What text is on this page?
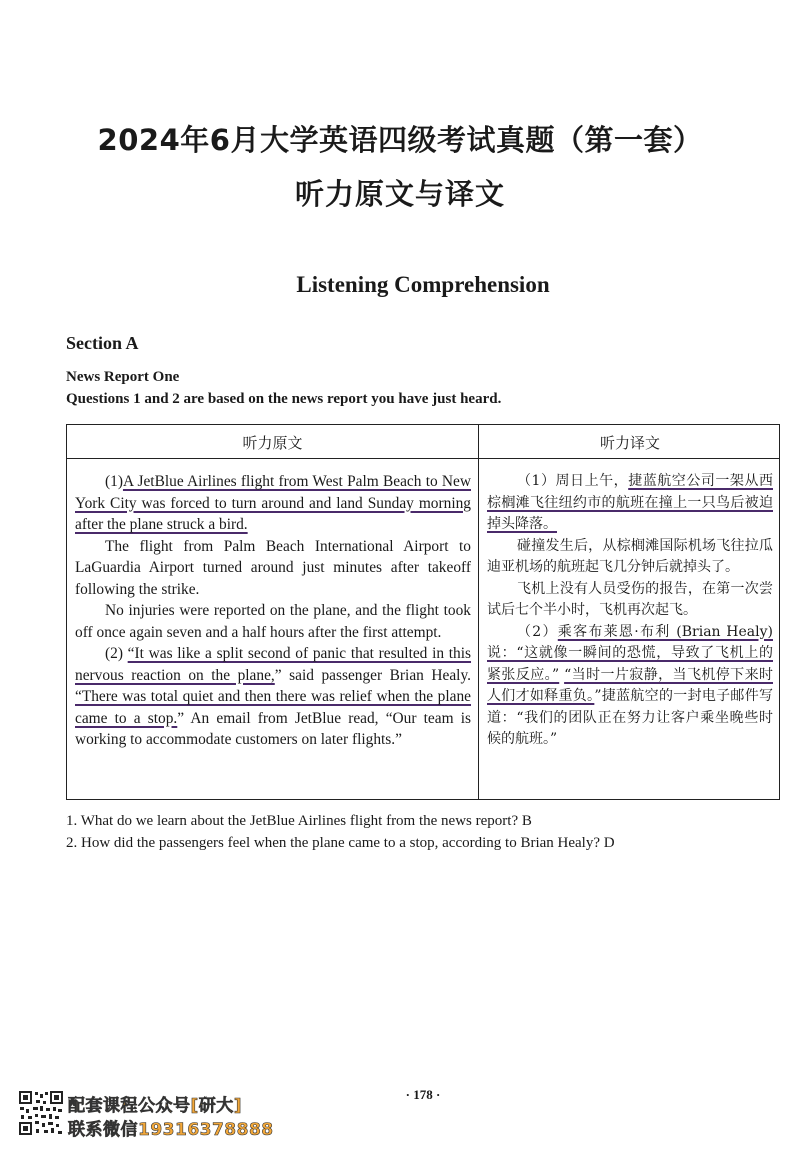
2024年6月大学英语四级考试真题（第一套）
听力原文与译文
Listening Comprehension
Section A
News Report One
Questions 1 and 2 are based on the news report you have just heard.
听力原文	听力译文

(1)A JetBlue Airlines flight from West Palm Beach to New York City was forced to turn around and land Sunday morning after the plane struck a bird.

The flight from Palm Beach International Airport to LaGuardia Airport turned around just minutes after takeoff following the strike.

No injuries were reported on the plane, and the flight took off once again seven and a half hours after the first attempt.

(2) “It was like a split second of panic that resulted in this nervous reaction on the plane,” said passenger Brian Healy. “There was total quiet and then there was relief when the plane came to a stop.” An email from JetBlue read, “Our team is working to accommodate customers on later flights.”

（1）周日上午，捷蓝航空公司一架从西棕榈滩飞往纽约市的航班在撞上一只鸟后被迫掉头降落。

碰撞发生后，从棕榈滩国际机场飞往拉瓜迪亚机场的航班起飞几分钟后就掉头了。

飞机上没有人员受伤的报告，在第一次尝试后七个半小时，飞机再次起飞。

（2）乘客布莱恩·布利 (Brian Healy) 说：“这就像一瞬间的恐慌，导致了飞机上的紧张反应。” “当时一片寂静，当飞机停下来时人们才如释重负。”捷蓝航空的一封电子邮件写道：“我们的团队正在努力让客户乘坐晚些时候的航班。”

1. What do we learn about the JetBlue Airlines flight from the news report? B
2. How did the passengers feel when the plane came to a stop, according to Brian Healy? D
· 178 ·
配套课程公众号[研大]
联系微信19316378888
